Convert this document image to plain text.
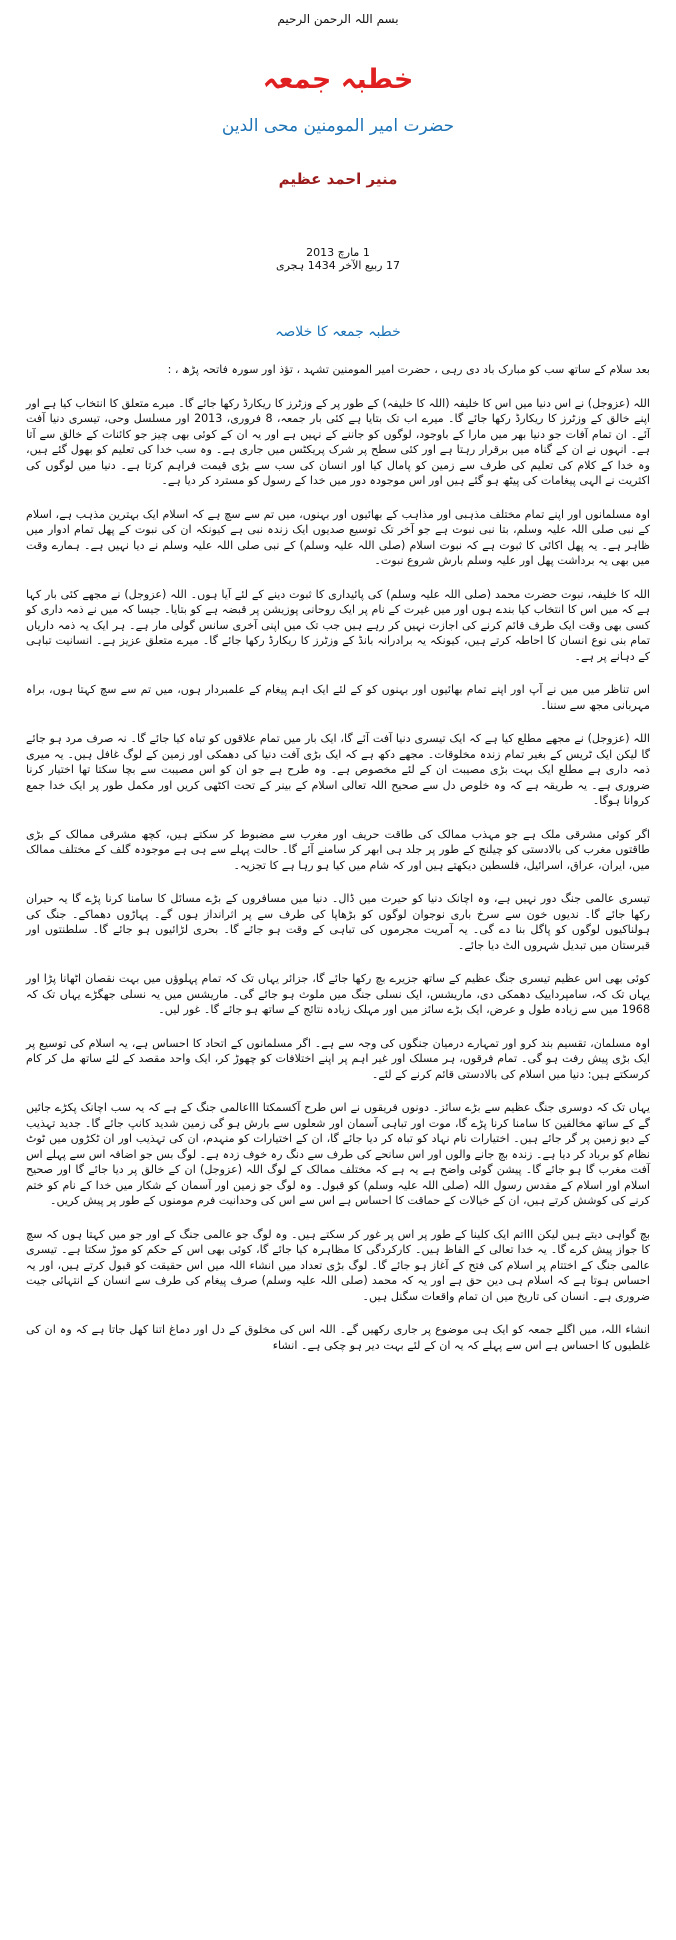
بسم اللہ الرحمن الرحیم
خطبہ جمعہ
حضرت امیر المومنین محی الدین
منیر احمد عظیم
1 مارچ 2013
17 ربیع الآخر 1434 ہجری
خطبہ جمعہ کا خلاصہ

بعد سلام کے ساتھ سب کو مبارک باد دی رہی ، حضرت امیر المومنین تشہد ، تؤذ اور سورہ فاتحہ پڑھ ، :

اللہ (عزوجل) نے اس دنیا میں اس کا خلیفہ (اللہ کا خلیفہ) کے طور پر کے وزٹرز کا ریکارڈ رکھا جائے گا۔ میرے متعلق کا انتخاب کیا ہے اور اپنے خالق کے وزٹرز کا ریکارڈ رکھا جائے گا۔ میرے اب تک بتایا ہے کئی بار جمعہ، 8 فروری، 2013 اور مسلسل وحی، تیسری دنیا آفت آئے۔ ان تمام آفات جو دنیا بھر میں مارا کے باوجود، لوگوں کو جاننے کے نہیں ہے اور یہ ان کے کوئی بھی چیز جو کائنات کے خالق سے آتا ہے۔ انہوں نے ان کے گناہ میں برقرار رہتا ہے اور کئی سطح پر شرک پریکٹس میں جاری ہے۔ وہ سب خدا کی تعلیم کو بھول گئے ہیں، وہ خدا کے کلام کی تعلیم کی طرف سے زمین کو پامال کیا اور انسان کی سب سے بڑی قیمت فراہم کرتا ہے۔ دنیا میں لوگوں کی اکثریت نے الہی پیغامات کی پیٹھ ہو گئے ہیں اور اس موجودہ دور میں خدا کے رسول کو مسترد کر دیا ہے۔

اوہ مسلمانوں اور اپنے تمام مختلف مذہبی اور مذاہب کے بھائیوں اور بہنوں، میں تم سے سچ ہے کہ اسلام ایک بہترین مذہب ہے، اسلام کے نبی صلی اللہ علیہ وسلم، بتا نبی نبوت ہے جو آخر تک توسیع صدیوں ایک زندہ نبی ہے کیونکہ ان کی نبوت کے پھل تمام ادوار میں ظاہر ہے۔ یہ پھل اکائی کا ثبوت ہے کہ نبوت اسلام (صلی اللہ علیہ وسلم) کے نبی صلی اللہ علیہ وسلم نے دیا نہیں ہے۔ ہمارے وقت میں بھی یہ برداشت پھل اور علیہ وسلم بارش شروع نبوت۔

اللہ کا خلیفہ، نبوت حضرت محمد (صلی اللہ علیہ وسلم) کی پائیداری کا ثبوت دینے کے لئے آیا ہوں۔ اللہ (عزوجل) نے مجھے کئی بار کہا ہے کہ میں اس کا انتخاب کیا بندے ہوں اور میں غیرت کے نام پر ایک روحانی پوزیشن پر قبضہ ہے کو بتایا۔ جیسا کہ میں نے ذمہ داری کو کسی بھی وقت ایک طرف قائم کرنے کی اجازت نہیں کر رہے ہیں جب تک میں اپنی آخری سانس گولی مار ہے۔ ہر ایک یہ ذمہ داریاں تمام بنی نوع انسان کا احاطہ کرتے ہیں، کیونکہ یہ برادرانہ بانڈ کے وزٹرز کا ریکارڈ رکھا جائے گا۔ میرے متعلق عزیز ہے۔ انسانیت تباہی کے دہانے پر ہے۔

اس تناظر میں میں نے آپ اور اپنے تمام بھائیوں اور بہنوں کو کے لئے ایک اہم پیغام کے علمبردار ہوں، میں تم سے سچ کہتا ہوں، براہ مہربانی مجھ سے سننا۔

اللہ (عزوجل) نے مجھے مطلع کیا ہے کہ ایک تیسری دنیا آفت آئے گا، ایک بار میں تمام علاقوں کو تباہ کیا جائے گا۔ نہ صرف مرد ہو جائے گا لیکن ایک ٹریس کے بغیر تمام زندہ مخلوقات۔ مجھے دکھ ہے کہ ایک بڑی آفت دنیا کی دھمکی اور زمین کے لوگ غافل ہیں۔ یہ میری ذمہ داری ہے مطلع ایک بہت بڑی مصیبت ان کے لئے مخصوص ہے۔ وہ طرح ہے جو ان کو اس مصیبت سے بچا سکتا تھا اختیار کرنا ضروری ہے۔ یہ طریقہ ہے کہ وہ خلوص دل سے صحیح اللہ تعالی اسلام کے بینر کے تحت اکٹھی کریں اور مکمل طور پر ایک خدا جمع کروانا ہوگا۔

اگر کوئی مشرقی ملک ہے جو مہذب ممالک کی طاقت حریف اور مغرب سے مضبوط کر سکتے ہیں، کچھ مشرقی ممالک کے بڑی طاقتوں مغرب کی بالادستی کو چیلنج کے طور پر جلد ہی ابھر کر سامنے آئے گا۔ حالت پہلے سے ہی ہے موجودہ گلف کے مختلف ممالک میں، ایران، عراق، اسرائیل، فلسطین دیکھتے ہیں اور کہ شام میں کیا ہو رہا ہے کا تجزیہ۔

تیسری عالمی جنگ دور نہیں ہے، وہ اچانک دنیا کو حیرت میں ڈال۔ دنیا میں مسافروں کے بڑے مسائل کا سامنا کرنا پڑے گا یہ حیران رکھا جائے گا۔ ندیوں خون سے سرخ باری نوجوان لوگوں کو بڑھاپا کی طرف سے پر اثرانداز ہوں گے۔ پہاڑوں دھماکے۔ جنگ کی ہولناکیوں لوگوں کو پاگل بنا دے گی۔ یہ آمریت مجرموں کی تباہی کے وقت ہو جائے گا۔ بحری لڑائیوں ہو جائے گا۔ سلطنتوں اور قبرستان میں تبدیل شہروں الٹ دیا جائے۔

کوئی بھی اس عظیم تیسری جنگ عظیم کے ساتھ جزیرے بچ رکھا جائے گا، جزائر یہاں تک کہ تمام پہلوؤں میں بہت نقصان اٹھانا پڑا اور یہاں تک کہ، سامپرداییک دھمکی دی، ماریشس، ایک نسلی جنگ میں ملوث ہو جائے گی۔ ماریشس میں یہ نسلی جھگڑے یہاں تک کہ 1968 میں سے زیادہ طول و عرض، ایک بڑے سائز میں اور مہلک زیادہ نتائج کے ساتھ ہو جائے گا۔ غور لیں۔

اوہ مسلمان، تقسیم بند کرو اور تمہارے درمیان جنگوں کی وجہ سے ہے۔ اگر مسلمانوں کے اتحاد کا احساس ہے، یہ اسلام کی توسیع پر ایک بڑی پیش رفت ہو گی۔ تمام فرقوں، ہر مسلک اور غیر اہم پر اپنے اختلافات کو چھوڑ کر، ایک واحد مقصد کے لئے ساتھ مل کر کام کرسکتے ہیں: دنیا میں اسلام کی بالادستی قائم کرنے کے لئے۔

یہاں تک کہ دوسری جنگ عظیم سے بڑے سائز۔ دونوں فریقوں نے اس طرح آکسمکتا IIIعالمی جنگ کے ہے کہ یہ سب اچانک پکڑے جائیں گے کے ساتھ مخالفین کا سامنا کرنا پڑے گا، موت اور تباہی آسمان اور شعلوں سے بارش ہو گی زمین شدید کانپ جائے گا۔ جدید تہذیب کے دیو زمین پر گر جائے ہیں۔ اختیارات نام نہاد کو تباہ کر دیا جائے گا، ان کے اختیارات کو منہدم، ان کی تہذیب اور ان ٹکڑوں میں ٹوٹ نظام کو برباد کر دیا ہے۔ زندہ بچ جانے والوں اور اس سانحے کی طرف سے دنگ رہ خوف زدہ ہے۔ لوگ بس جو اضافہ اس سے پہلے اس آفت مغرب گا ہو جائے گا۔ پیشن گوئی واضح ہے یہ ہے کہ مختلف ممالک کے لوگ اللہ (عزوجل) ان کے خالق پر دیا جائے گا اور صحیح اسلام اور اسلام کے مقدس رسول اللہ (صلی اللہ علیہ وسلم) کو قبول۔ وہ لوگ جو زمین اور آسمان کے شکار میں خدا کے نام کو ختم کرنے کی کوشش کرتے ہیں، ان کے خیالات کے حماقت کا احساس ہے اس سے اس کی وحدانیت فرم مومنوں کے طور پر پیش کریں۔

بچ گواہی دیتے ہیں لیکن IIIتم ایک کلینا کے طور پر اس پر غور کر سکتے ہیں۔ وہ لوگ جو عالمی جنگ کے اور جو میں کہتا ہوں کہ سچ کا جواز پیش کرے گا۔ یہ خدا تعالی کے الفاظ ہیں۔ کارکردگی کا مظاہرہ کیا جائے گا، کوئی بھی اس کے حکم کو موڑ سکتا ہے۔ تیسری عالمی جنگ کے اختتام پر اسلام کی فتح کے آغاز ہو جائے گا۔ لوگ بڑی تعداد میں انشاء اللہ میں اس حقیقت کو قبول کرتے ہیں، اور یہ احساس ہوتا ہے کہ اسلام ہی دین حق ہے اور یہ کہ محمد (صلی اللہ علیہ وسلم) صرف پیغام کی طرف سے انسان کے انتہائی جیت ضروری ہے۔ انسان کی تاریخ میں ان تمام واقعات سگنل ہیں۔

انشاء اللہ، میں اگلے جمعہ کو ایک ہی موضوع پر جاری رکھیں گے۔ اللہ اس کی مخلوق کے دل اور دماغ اتنا کھل جاتا ہے کہ وہ ان کی غلطیوں کا احساس ہے اس سے پہلے کہ یہ ان کے لئے بہت دیر ہو چکی ہے۔ انشاء
